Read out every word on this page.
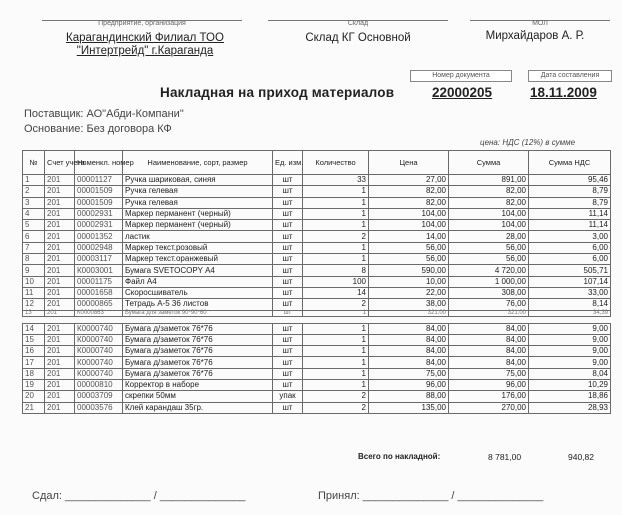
Предприятие, организация	Склад	МОЛ
Карагандинский Филиал ТОО
"Интертрейд" г.Караганда
Склад КГ Основной	Мирхайдаров А. Р.
Номер документа	Дата составления
Накладная на приход материалов	22000205	18.11.2009
Поставщик: АО"Абди-Компани"
Основание: Без договора КФ
цена: НДС (12%) в сумме
№	Счет учета	Номенкл. номер	Наименование, сорт, размер	Ед. изм.	Количество	Цена	Сумма	Сумма НДС
1	201	00001127	Ручка шариковая, синяя	шт	33	27,00	891,00	95,46
2	201	00001509	Ручка гелевая	шт	1	82,00	82,00	8,79
3	201	00001509	Ручка гелевая	шт	1	82,00	82,00	8,79
4	201	00002931	Маркер перманент (черный)	шт	1	104,00	104,00	11,14
5	201	00002931	Маркер перманент (черный)	шт	1	104,00	104,00	11,14
6	201	00001352	ластик	шт	2	14,00	28,00	3,00
7	201	00002948	Маркер текст.розовый	шт	1	56,00	56,00	6,00
8	201	00003117	Маркер текст.оранжевый	шт	1	56,00	56,00	6,00
9	201	К0003001	Бумага SVETOCOPY А4	шт	8	590,00	4 720,00	505,71
10	201	00001175	Файл А4	шт	100	10,00	1 000,00	107,14
11	201	00001658	Скоросшиватель	шт	14	22,00	308,00	33,00
12	201	00000865	Тетрадь А-5 36 листов	шт	2	38,00	76,00	8,14
13	201	К0000863	Бумага для заметок 90*90*60	шт	1	321,00	321,00	34,39

14	201	К0000740	Бумага д/заметок 76*76	шт	1	84,00	84,00	9,00
15	201	К0000740	Бумага д/заметок 76*76	шт	1	84,00	84,00	9,00
16	201	К0000740	Бумага д/заметок 76*76	шт	1	84,00	84,00	9,00
17	201	К0000740	Бумага д/заметок 76*76	шт	1	84,00	84,00	9,00
18	201	К0000740	Бумага д/заметок 76*76	шт	1	75,00	75,00	8,04
19	201	00000810	Корректор в наборе	шт	1	96,00	96,00	10,29
20	201	00003709	скрепки 50мм	упак	2	88,00	176,00	18,86
21	201	00003576	Клей карандаш 35гр.	шт	2	135,00	270,00	28,93
Всего по накладной:	8 781,00	940,82
Сдал: ______________ / ______________	Принял: ______________ / ______________
